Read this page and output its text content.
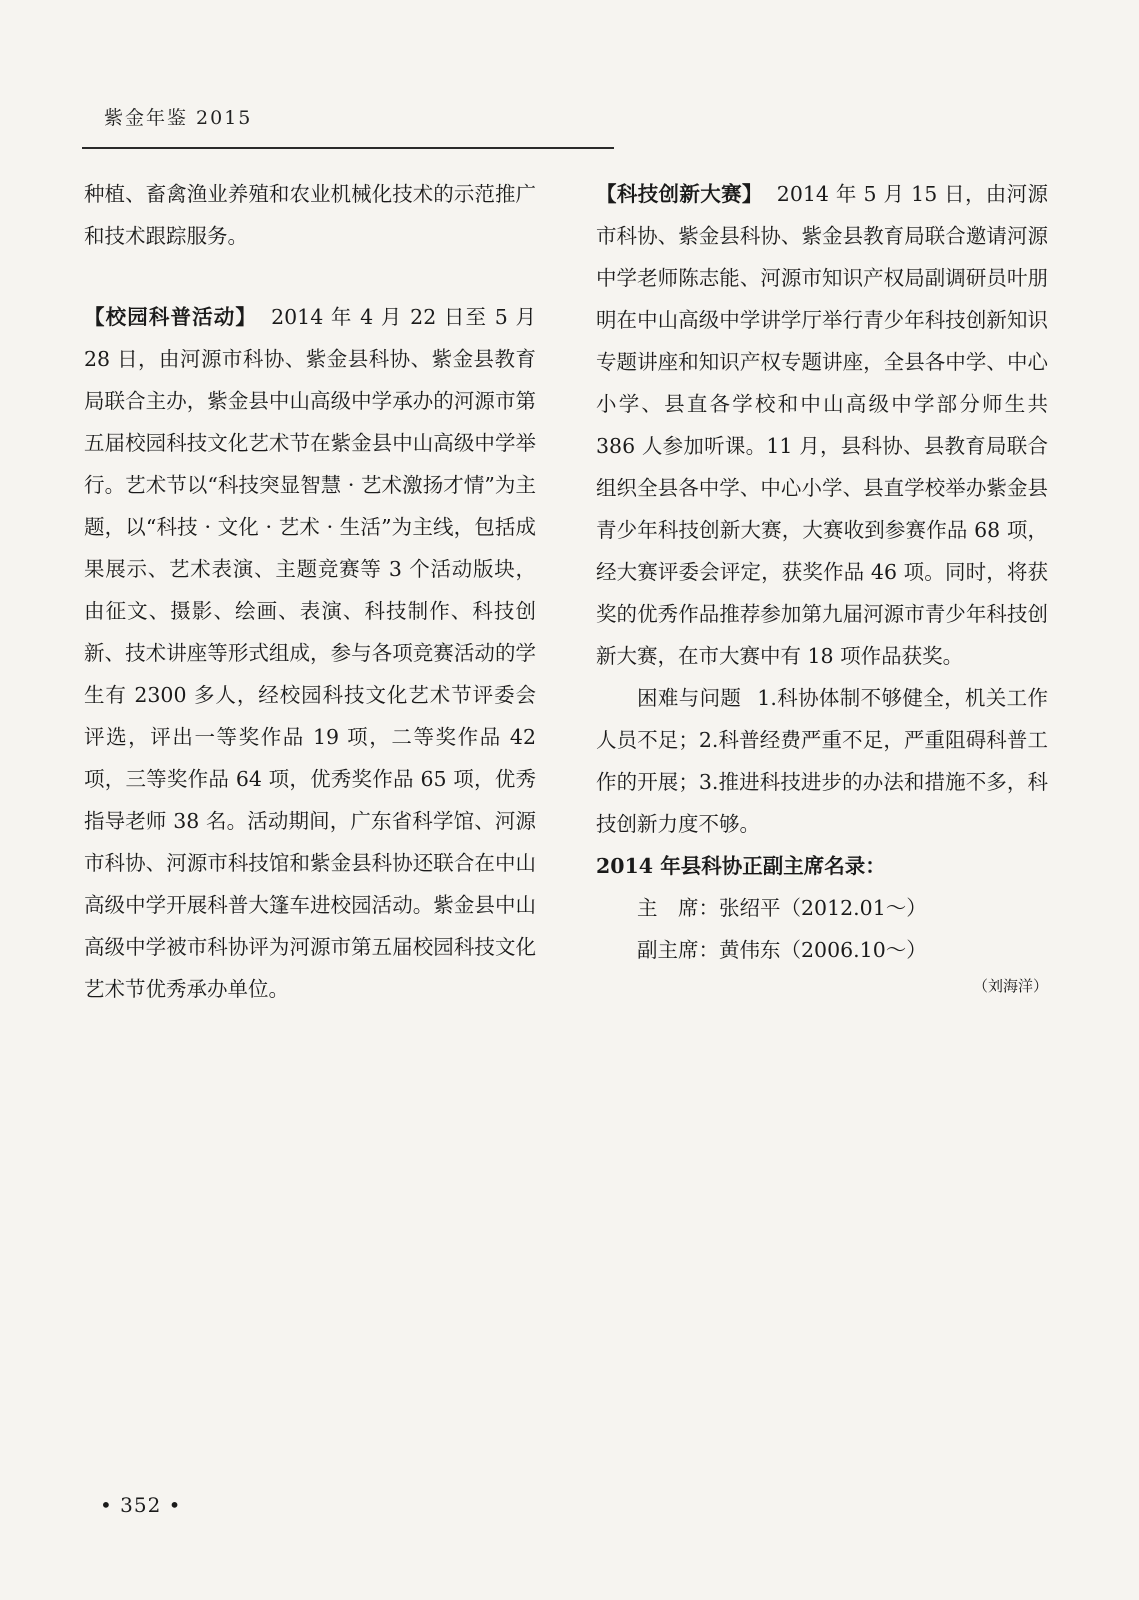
紫金年鉴 2015

种植、畜禽渔业养殖和农业机械化技术的示范推广和技术跟踪服务。

【校园科普活动】 2014 年 4 月 22 日至 5 月 28 日，由河源市科协、紫金县科协、紫金县教育局联合主办，紫金县中山高级中学承办的河源市第五届校园科技文化艺术节在紫金县中山高级中学举行。艺术节以“科技突显智慧 · 艺术激扬才情”为主题，以“科技 · 文化 · 艺术 · 生活”为主线，包括成果展示、艺术表演、主题竞赛等 3 个活动版块，由征文、摄影、绘画、表演、科技制作、科技创新、技术讲座等形式组成，参与各项竞赛活动的学生有 2300 多人，经校园科技文化艺术节评委会评选，评出一等奖作品 19 项，二等奖作品 42 项，三等奖作品 64 项，优秀奖作品 65 项，优秀指导老师 38 名。活动期间，广东省科学馆、河源市科协、河源市科技馆和紫金县科协还联合在中山高级中学开展科普大篷车进校园活动。紫金县中山高级中学被市科协评为河源市第五届校园科技文化艺术节优秀承办单位。

【科技创新大赛】 2014 年 5 月 15 日，由河源市科协、紫金县科协、紫金县教育局联合邀请河源中学老师陈志能、河源市知识产权局副调研员叶朋明在中山高级中学讲学厅举行青少年科技创新知识专题讲座和知识产权专题讲座，全县各中学、中心小学、县直各学校和中山高级中学部分师生共 386 人参加听课。11 月，县科协、县教育局联合组织全县各中学、中心小学、县直学校举办紫金县青少年科技创新大赛，大赛收到参赛作品 68 项，经大赛评委会评定，获奖作品 46 项。同时，将获奖的优秀作品推荐参加第九届河源市青少年科技创新大赛，在市大赛中有 18 项作品获奖。

困难与问题 1.科协体制不够健全，机关工作人员不足；2.科普经费严重不足，严重阻碍科普工作的开展；3.推进科技进步的办法和措施不多，科技创新力度不够。

2014 年县科协正副主席名录：

主　席：张绍平（2012.01～）

副主席：黄伟东（2006.10～）

（刘海洋）

• 352 •
